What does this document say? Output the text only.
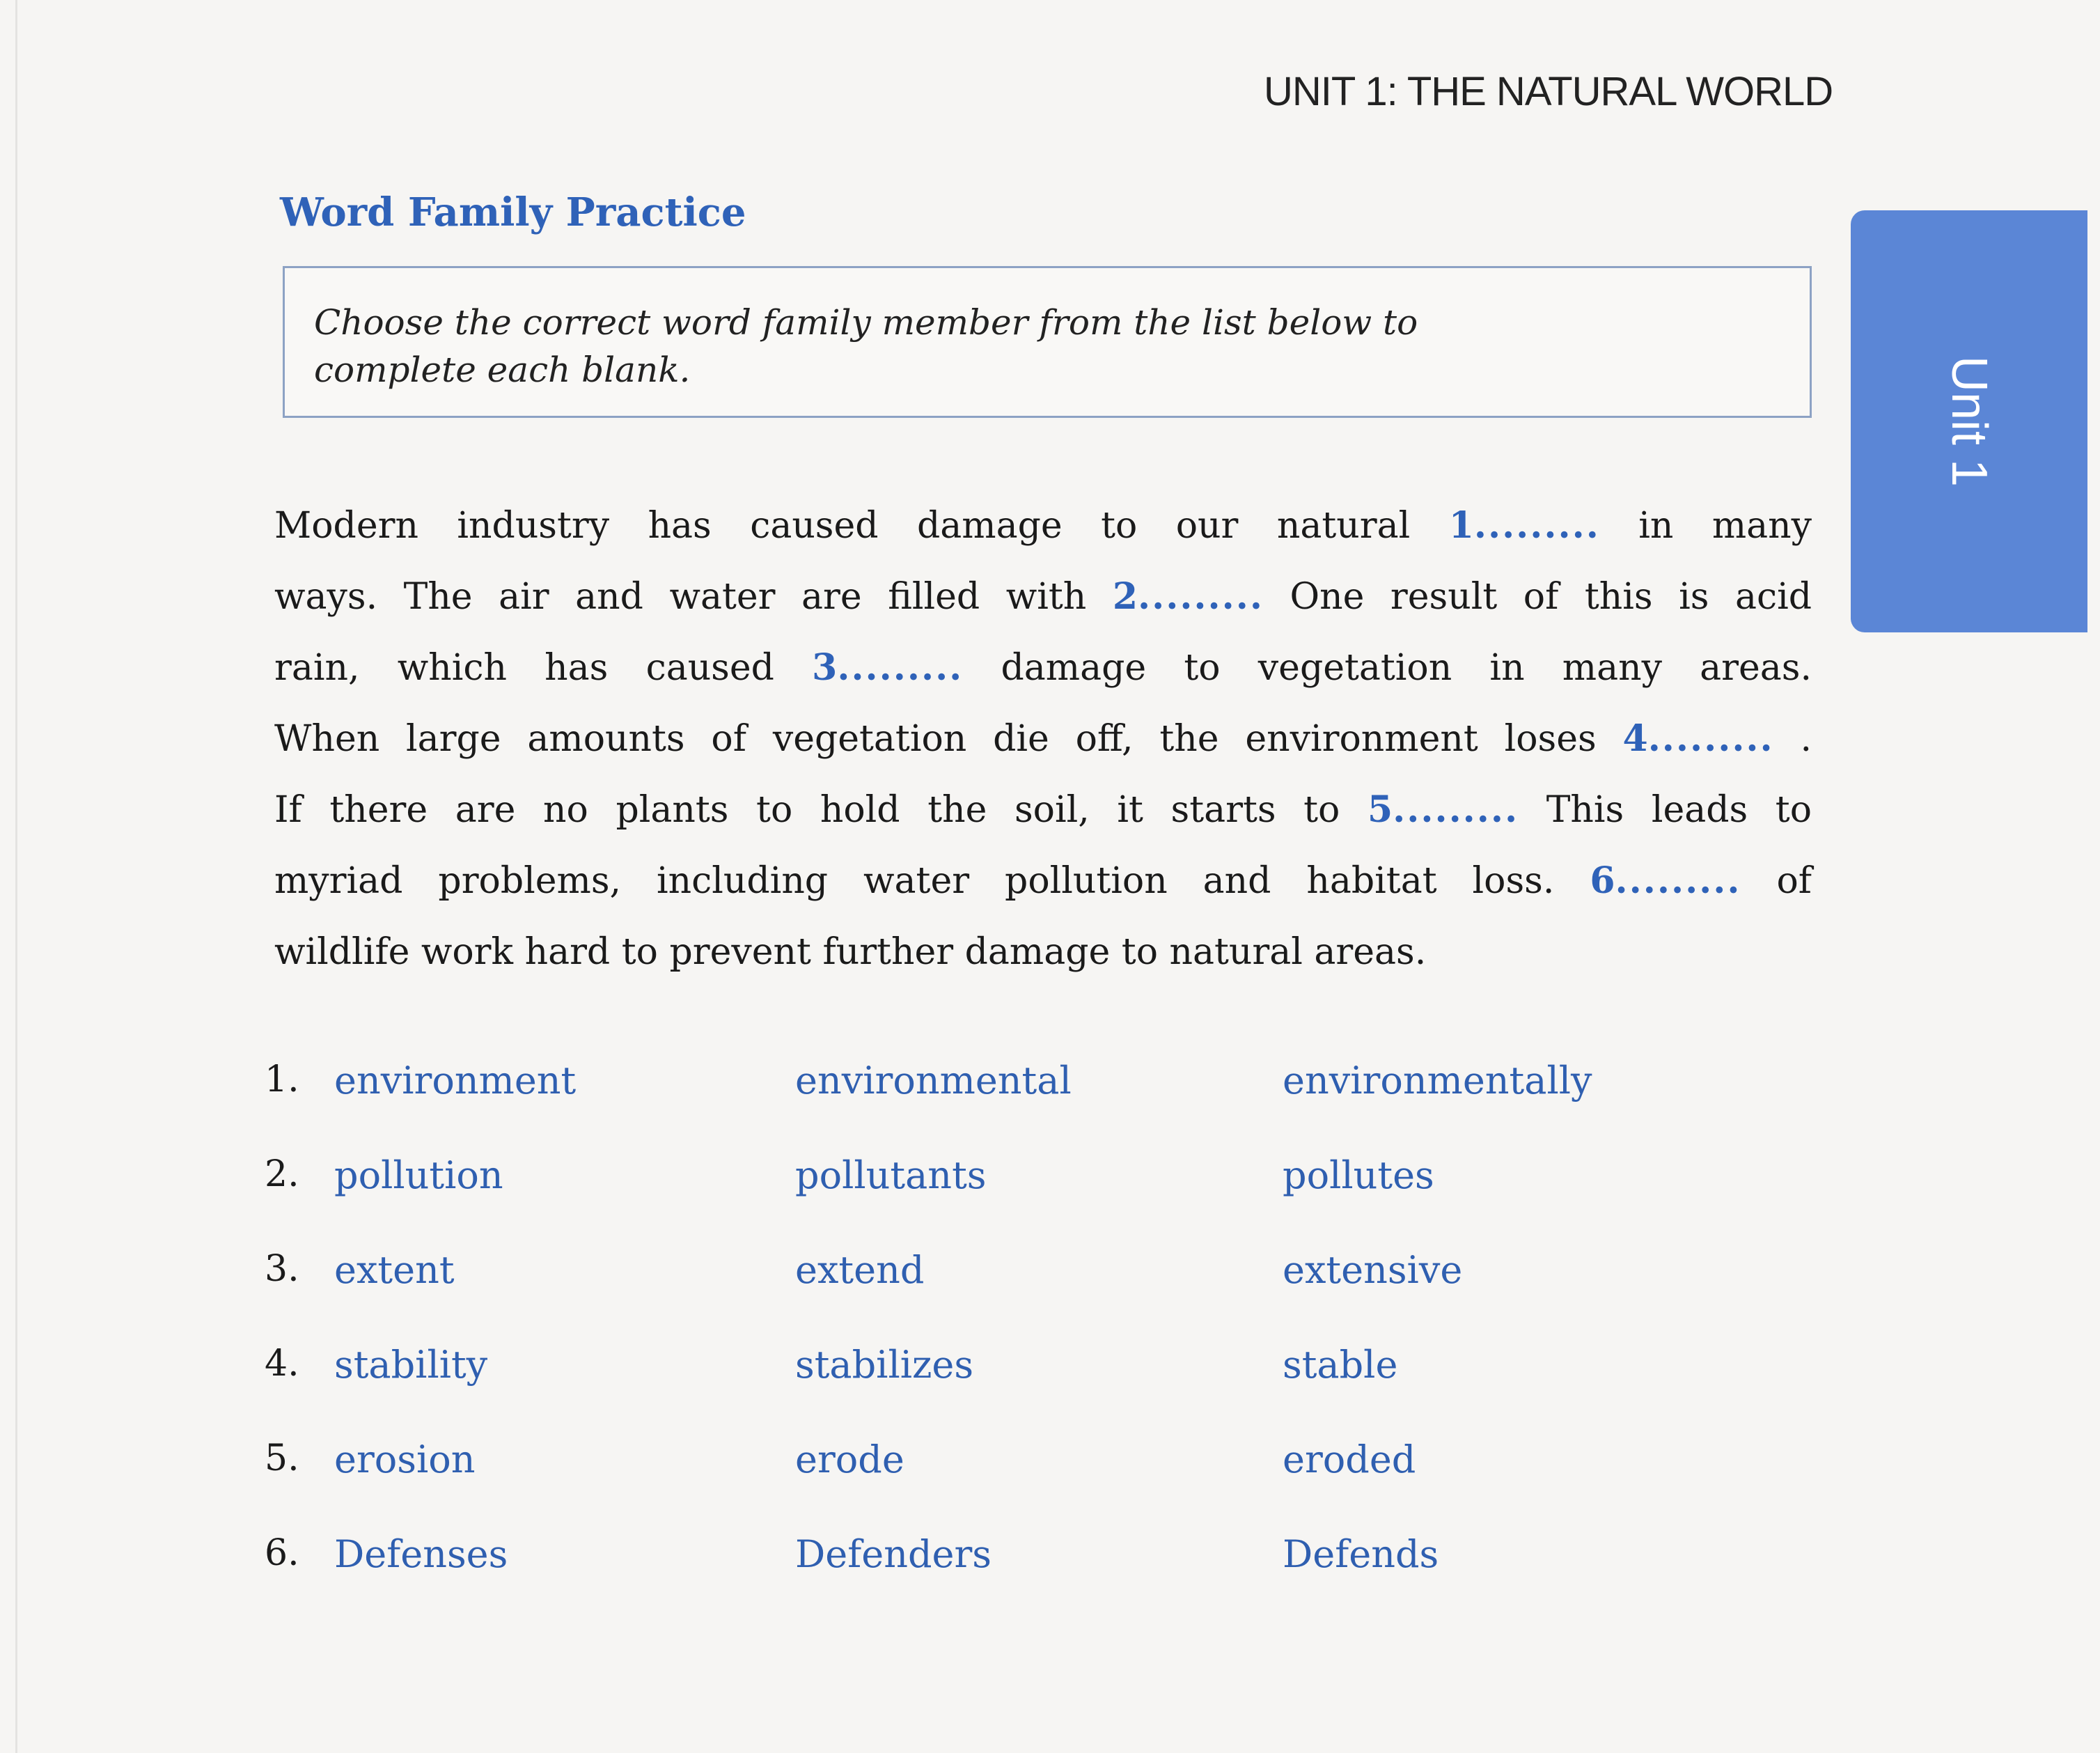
UNIT 1: THE NATURAL WORLD
Unit 1
Word Family Practice
Choose the correct word family member from the list below to
complete each blank.
Modern industry has caused damage to our natural 1......... in many
ways. The air and water are filled with 2......... One result of this is acid
rain, which has caused 3......... damage to vegetation in many areas.
When large amounts of vegetation die off, the environment loses 4......... .
If there are no plants to hold the soil, it starts to 5......... This leads to
myriad problems, including water pollution and habitat loss. 6......... of
wildlife work hard to prevent further damage to natural areas.
1. environment	environmental	environmentally
2. pollution	pollutants	pollutes
3. extent	extend	extensive
4. stability	stabilizes	stable
5. erosion	erode	eroded
6. Defenses	Defenders	Defends
